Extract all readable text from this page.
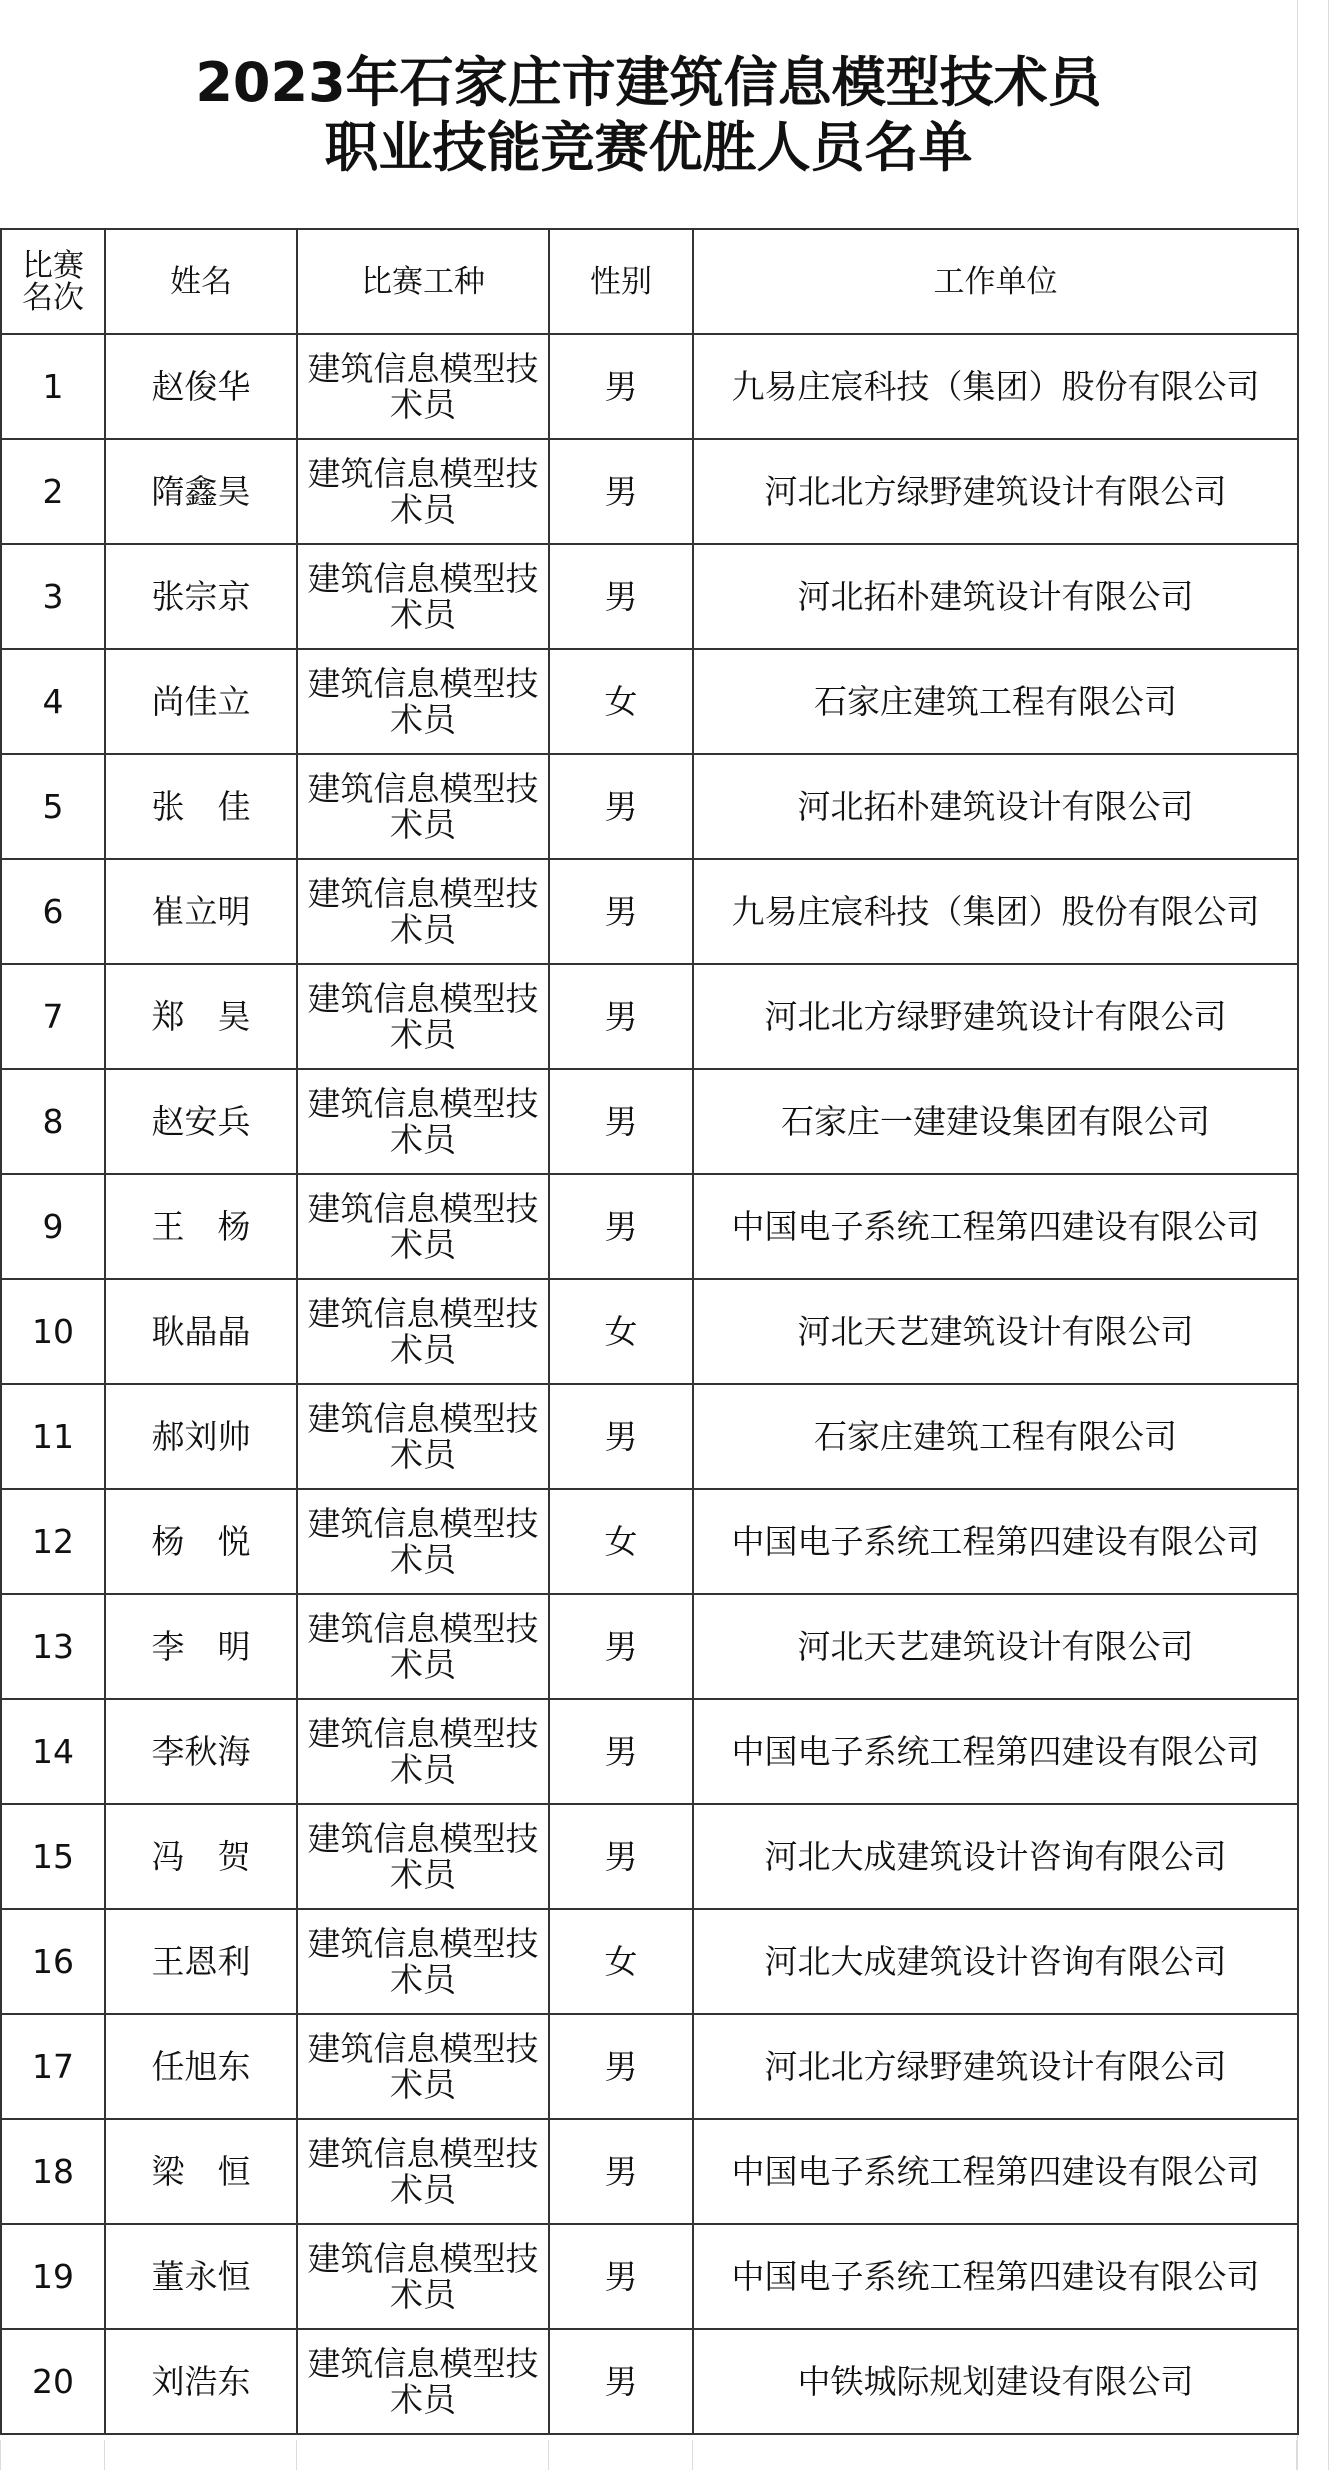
2023年石家庄市建筑信息模型技术员
职业技能竞赛优胜人员名单
比赛名次	姓名	比赛工种	性别	工作单位
1	赵俊华	建筑信息模型技术员	男	九易庄宸科技（集团）股份有限公司
2	隋鑫昊	建筑信息模型技术员	男	河北北方绿野建筑设计有限公司
3	张宗京	建筑信息模型技术员	男	河北拓朴建筑设计有限公司
4	尚佳立	建筑信息模型技术员	女	石家庄建筑工程有限公司
5	张　佳	建筑信息模型技术员	男	河北拓朴建筑设计有限公司
6	崔立明	建筑信息模型技术员	男	九易庄宸科技（集团）股份有限公司
7	郑　昊	建筑信息模型技术员	男	河北北方绿野建筑设计有限公司
8	赵安兵	建筑信息模型技术员	男	石家庄一建建设集团有限公司
9	王　杨	建筑信息模型技术员	男	中国电子系统工程第四建设有限公司
10	耿晶晶	建筑信息模型技术员	女	河北天艺建筑设计有限公司
11	郝刘帅	建筑信息模型技术员	男	石家庄建筑工程有限公司
12	杨　悦	建筑信息模型技术员	女	中国电子系统工程第四建设有限公司
13	李　明	建筑信息模型技术员	男	河北天艺建筑设计有限公司
14	李秋海	建筑信息模型技术员	男	中国电子系统工程第四建设有限公司
15	冯　贺	建筑信息模型技术员	男	河北大成建筑设计咨询有限公司
16	王恩利	建筑信息模型技术员	女	河北大成建筑设计咨询有限公司
17	任旭东	建筑信息模型技术员	男	河北北方绿野建筑设计有限公司
18	梁　恒	建筑信息模型技术员	男	中国电子系统工程第四建设有限公司
19	董永恒	建筑信息模型技术员	男	中国电子系统工程第四建设有限公司
20	刘浩东	建筑信息模型技术员	男	中铁城际规划建设有限公司
